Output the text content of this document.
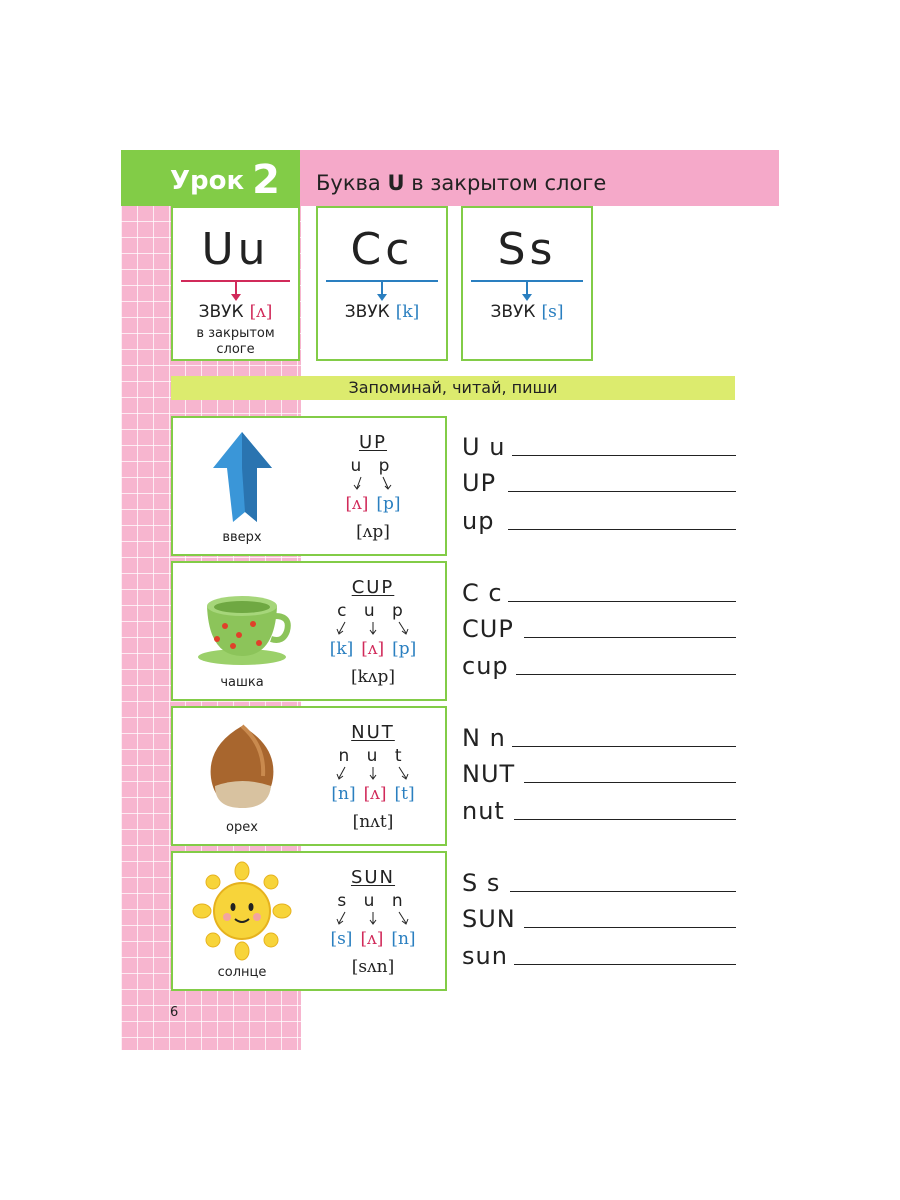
Урок 2 Буква U в закрытом слоге
Uu
ЗВУК [ʌ]
в закрытом
слоге
Cc
ЗВУК [k]
Ss
ЗВУК [s]
Запоминай, читай, пиши
вверх
UP
u p
[ʌ] [p]
[ʌp]
чашка
CUP
c u p
[k] [ʌ] [p]
[kʌp]
орех
NUT
n u t
[n] [ʌ] [t]
[nʌt]
солнце
SUN
s u n
[s] [ʌ] [n]
[sʌn]
U u
UP
up
C c
CUP
cup
N n
NUT
nut
S s
SUN
sun
6
